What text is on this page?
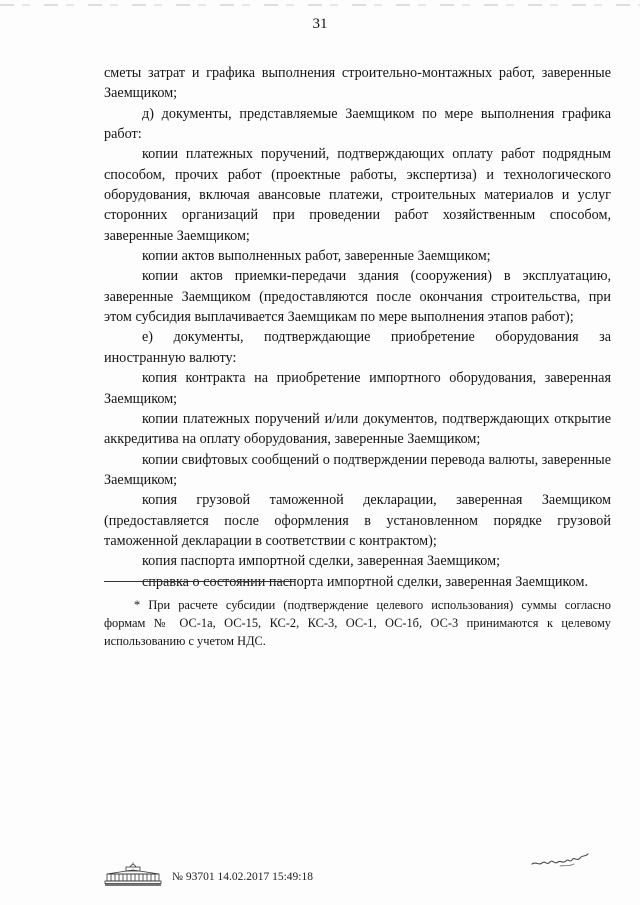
31

сметы затрат и графика выполнения строительно-монтажных работ, заверенные Заемщиком;

д) документы, представляемые Заемщиком по мере выполнения графика работ:

копии платежных поручений, подтверждающих оплату работ подрядным способом, прочих работ (проектные работы, экспертиза) и технологического оборудования, включая авансовые платежи, строительных материалов и услуг сторонних организаций при проведении работ хозяйственным способом, заверенные Заемщиком;

копии актов выполненных работ, заверенные Заемщиком;

копии актов приемки-передачи здания (сооружения) в эксплуатацию, заверенные Заемщиком (предоставляются после окончания строительства, при этом субсидия выплачивается Заемщикам по мере выполнения этапов работ);

е) документы, подтверждающие приобретение оборудования за иностранную валюту:

копия контракта на приобретение импортного оборудования, заверенная Заемщиком;

копии платежных поручений и/или документов, подтверждающих открытие аккредитива на оплату оборудования, заверенные Заемщиком;

копии свифтовых сообщений о подтверждении перевода валюты, заверенные Заемщиком;

копия грузовой таможенной декларации, заверенная Заемщиком (предоставляется после оформления в установленном порядке грузовой таможенной декларации в соответствии с контрактом);

копия паспорта импортной сделки, заверенная Заемщиком;

справка о состоянии паспорта импортной сделки, заверенная Заемщиком.

* При расчете субсидии (подтверждение целевого использования) суммы согласно формам № ОС-1а, ОС-15, КС-2, КС-3, ОС-1, ОС-1б, ОС-3 принимаются к целевому использованию с учетом НДС.

№ 93701 14.02.2017 15:49:18
